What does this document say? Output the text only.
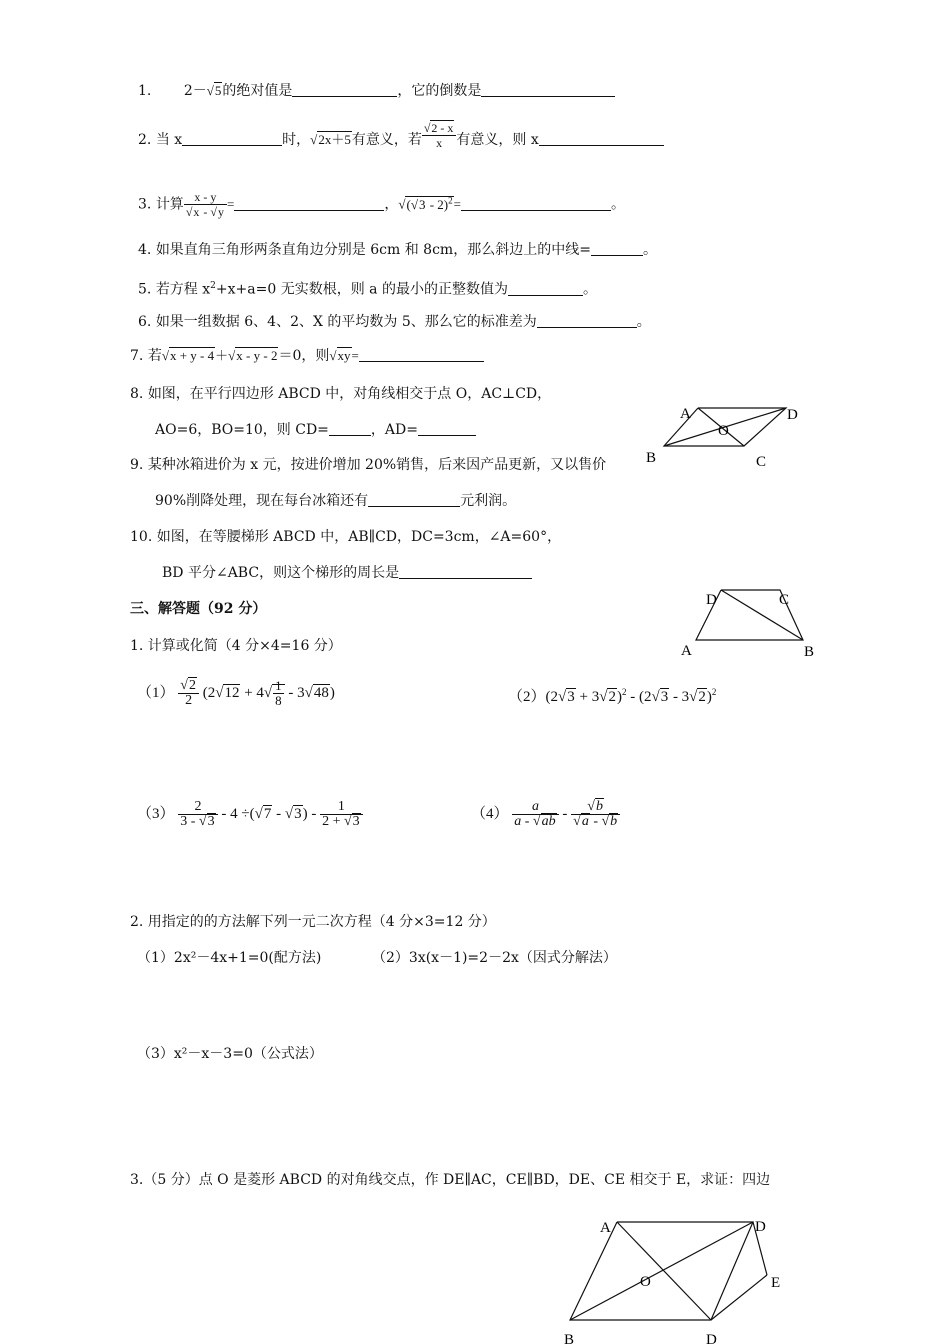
1. 2－√5的绝对值是	，它的倒数是
2. 当 x	时，√2x＋5有意义，若 $\frac{√2 - x}{x}$ 有意义，则 x
3. 计算 $\frac{x - y}{√x - √y}$ =	，√(√3 - 2)$^2$=	。
4. 如果直角三角形两条直角边分别是 6cm 和 8cm，那么斜边上的中线=	。
5. 若方程 $x^2+x+a=0$ 无实数根，则 a 的最小的正整数值为	。
6. 如果一组数据 6、4、2、X 的平均数为 5、那么它的标准差为	。
7. 若√x + y - 4＋√x - y - 2＝0，则√xy=
8. 如图，在平行四边形 ABCD 中，对角线相交于点 O，AC⊥CD，
AO=6，BO=10，则 CD=	，AD=
A	D
O
B	C
9. 某种冰箱进价为 x 元，按进价增加 20%销售，后来因产品更新，又以售价
90%削降处理，现在每台冰箱还有	元利润。
10. 如图，在等腰梯形 ABCD 中，AB∥CD，DC=3cm，∠A=60°，
BD 平分∠ABC，则这个梯形的周长是
D	C
A	B
三、解答题（92 分）
1. 计算或化简（4 分×4=16 分）
$(1) \frac{√2}{2} (2√12 + 4√ \frac{1}{8} - 3√48)$	$(2)(2√3 + 3√2)^2 - (2√3 - 3√2)^2$
$(3) \frac{2}{3 - √3} - 4 \div(√7 - √3) - \frac{1}{2 + √3}$	$(4) \frac{a}{a - √ab} - \frac{√b}{√a - √b}$
2. 用指定的的方法解下列一元二次方程（4 分×3=12 分）
（1）2x²－4x+1=0(配方法)	（2）3x(x－1)=2－2x（因式分解法）
（3）x²－x－3=0（公式法）
3.（5 分）点 O 是菱形 ABCD 的对角线交点，作 DE∥AC，CE∥BD，DE、CE 相交于 E，求证：四边
A	D
O	E
B	D
